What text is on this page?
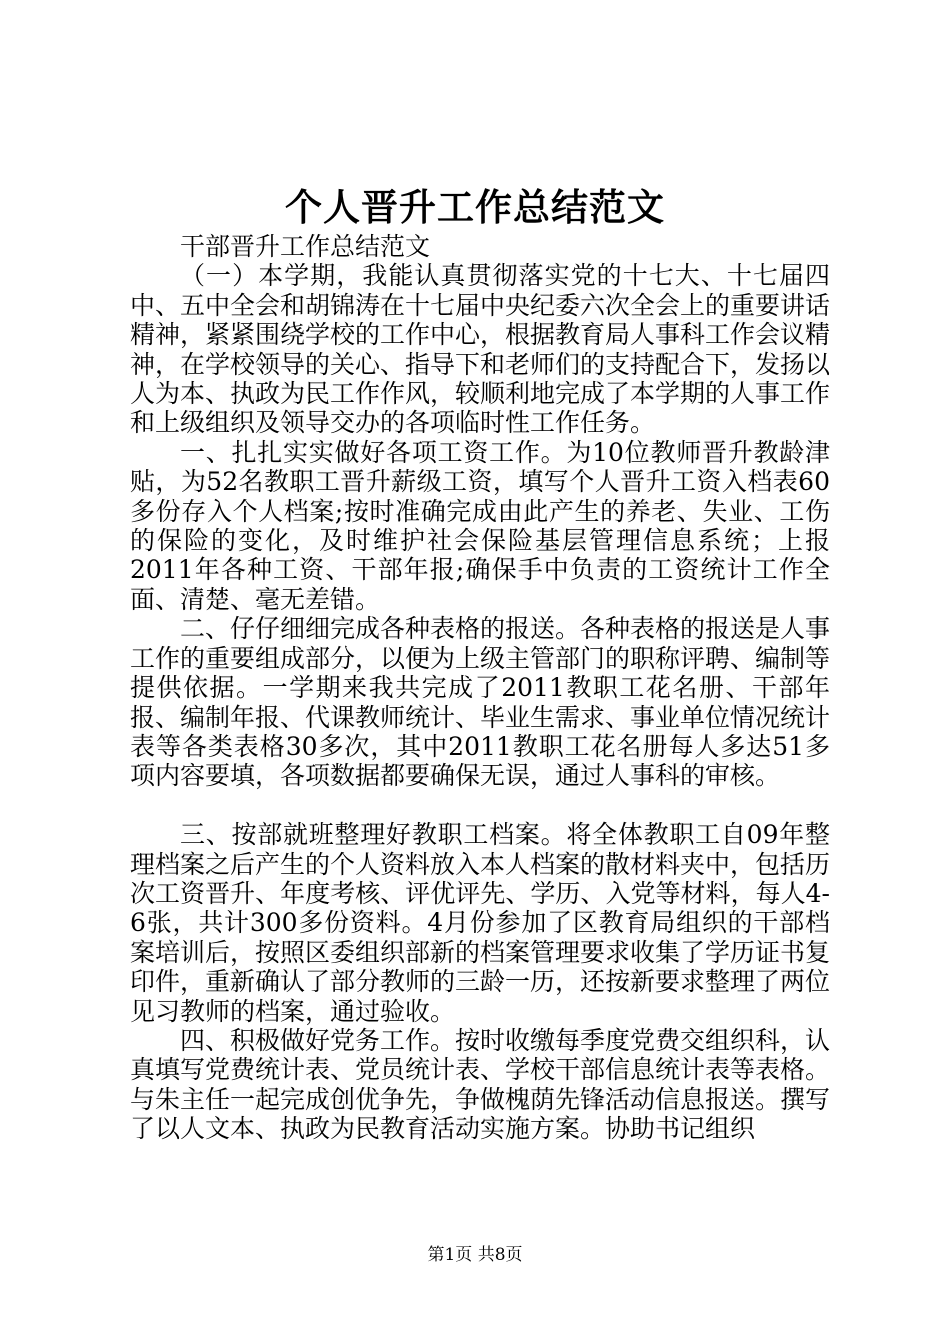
个人晋升工作总结范文

干部晋升工作总结范文

（一）本学期，我能认真贯彻落实党的十七大、十七届四中、五中全会和胡锦涛在十七届中央纪委六次全会上的重要讲话精神，紧紧围绕学校的工作中心，根据教育局人事科工作会议精神，在学校领导的关心、指导下和老师们的支持配合下，发扬以人为本、执政为民工作作风，较顺利地完成了本学期的人事工作和上级组织及领导交办的各项临时性工作任务。

一、扎扎实实做好各项工资工作。为10位教师晋升教龄津贴，为52名教职工晋升薪级工资，填写个人晋升工资入档表60多份存入个人档案;按时准确完成由此产生的养老、失业、工伤的保险的变化，及时维护社会保险基层管理信息系统；上报2011年各种工资、干部年报;确保手中负责的工资统计工作全面、清楚、毫无差错。

二、仔仔细细完成各种表格的报送。各种表格的报送是人事工作的重要组成部分，以便为上级主管部门的职称评聘、编制等提供依据。一学期来我共完成了2011教职工花名册、干部年报、编制年报、代课教师统计、毕业生需求、事业单位情况统计表等各类表格30多次，其中2011教职工花名册每人多达51多项内容要填，各项数据都要确保无误，通过人事科的审核。

三、按部就班整理好教职工档案。将全体教职工自09年整理档案之后产生的个人资料放入本人档案的散材料夹中，包括历次工资晋升、年度考核、评优评先、学历、入党等材料，每人4-6张，共计300多份资料。4月份参加了区教育局组织的干部档案培训后，按照区委组织部新的档案管理要求收集了学历证书复印件，重新确认了部分教师的三龄一历，还按新要求整理了两位见习教师的档案，通过验收。

四、积极做好党务工作。按时收缴每季度党费交组织科，认真填写党费统计表、党员统计表、学校干部信息统计表等表格。与朱主任一起完成创优争先，争做槐荫先锋活动信息报送。撰写了以人文本、执政为民教育活动实施方案。协助书记组织

第1页 共8页
